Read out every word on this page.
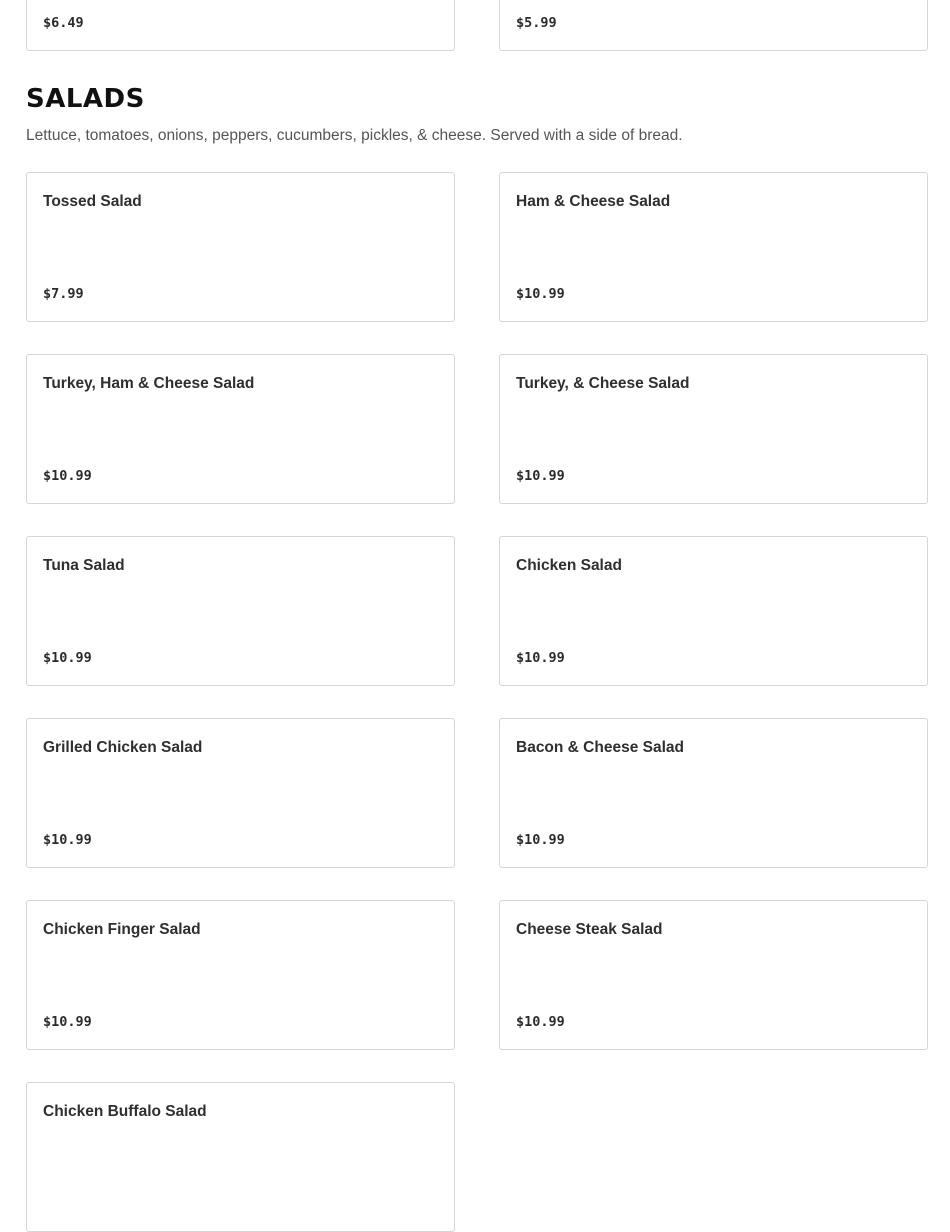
$6.49	$5.99
SALADS

Lettuce, tomatoes, onions, peppers, cucumbers, pickles, & cheese. Served with a side of bread.

Tossed Salad
$7.99
Ham & Cheese Salad
$10.99
Turkey, Ham & Cheese Salad
$10.99
Turkey, & Cheese Salad
$10.99
Tuna Salad
$10.99
Chicken Salad
$10.99
Grilled Chicken Salad
$10.99
Bacon & Cheese Salad
$10.99
Chicken Finger Salad
$10.99
Cheese Steak Salad
$10.99
Chicken Buffalo Salad
